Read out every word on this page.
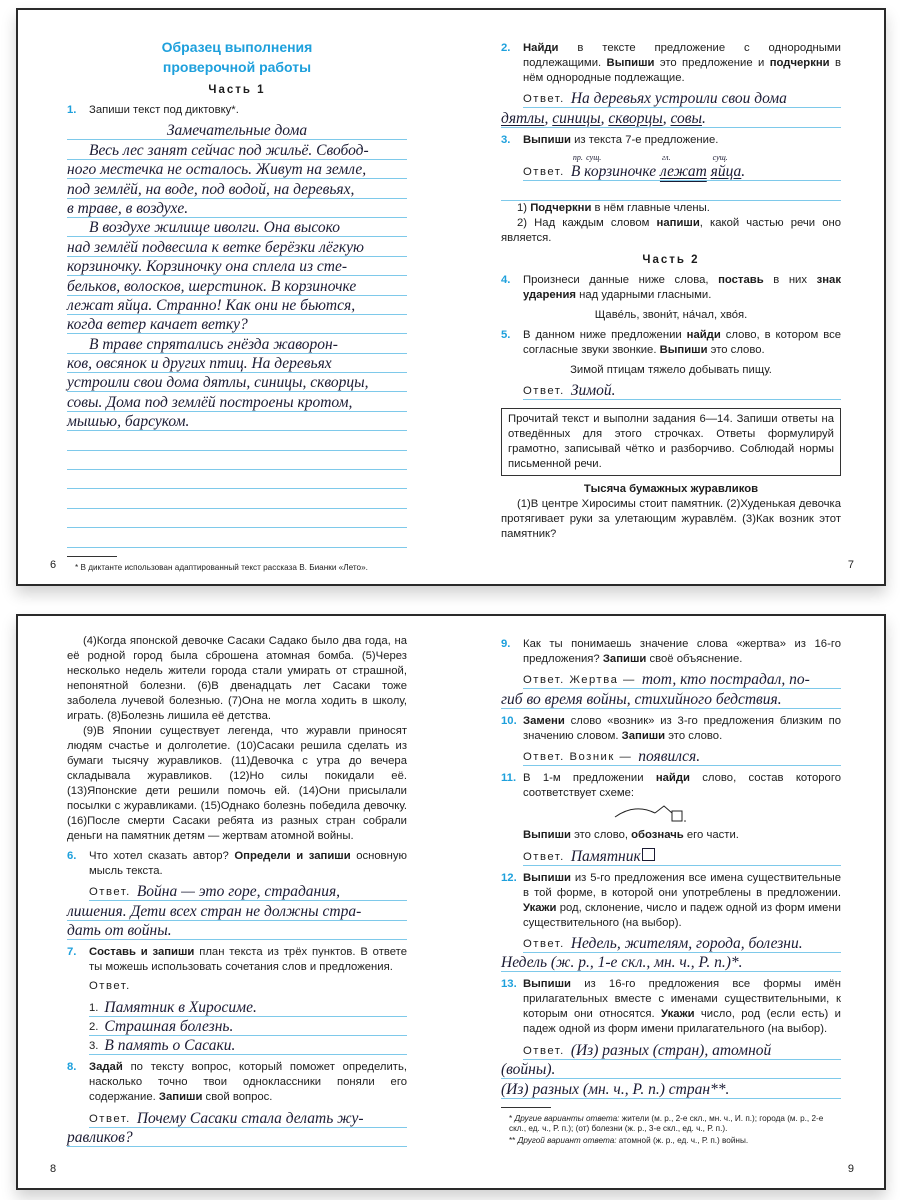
Образец выполнения
проверочной работы
Часть 1
1.	Запиши текст под диктовку*.
Замечательные дома
Весь лес занят сейчас под жильё. Свобод-
ного местечка не осталось. Живут на земле,
под землёй, на воде, под водой, на деревьях,
в траве, в воздухе.
В воздухе жилище иволги. Она высоко
над землёй подвесила к ветке берёзки лёгкую
корзиночку. Корзиночку она сплела из сте-
бельков, волосков, шерстинок. В корзиночке
лежат яйца. Странно! Как они не бьются,
когда ветер качает ветку?
В траве спрятались гнёзда жаворон-
ков, овсянок и других птиц. На деревьях
устроили свои дома дятлы, синицы, скворцы,
совы. Дома под землёй построены кротом,
мышью, барсуком.
* В диктанте использован адаптированный текст рассказа В. Бианки «Лето».
6
2.	Найди в тексте предложение с однородными подлежащими. Выпиши это предложение и подчеркни в нём однородные подлежащие.
Ответ. На деревьях устроили свои дома
дятлы, синицы, скворцы, совы.
3.	Выпиши из текста 7-е предложение.
Ответ.
пр.
В
сущ.
корзиночке
гл.
лежат
сущ.
яйца.
1) Подчеркни в нём главные члены.
2) Над каждым словом напиши, какой частью речи оно является.
Часть 2
4.	Произнеси данные ниже слова, поставь в них знак ударения над ударными гласными.
Щаве́ль, звони́т, на́чал, хво́я.
5.	В данном ниже предложении найди слово, в котором все согласные звуки звонкие. Выпиши это слово.
Зимой птицам тяжело добывать пищу.
Ответ. Зимой.
Прочитай текст и выполни задания 6—14. Запиши ответы на отведённых для этого строчках. Ответы формулируй грамотно, записывай чётко и разборчиво. Соблюдай нормы письменной речи.
Тысяча бумажных журавликов
(1)В центре Хиросимы стоит памятник. (2)Худенькая девочка протягивает руки за улетающим журавлём. (3)Как возник этот памятник?
7
(4)Когда японской девочке Сасаки Садако было два года, на её родной город была сброшена атомная бомба. (5)Через несколько недель жители города стали умирать от страшной, непонятной болезни. (6)В двенадцать лет Сасаки тоже заболела лучевой болезнью. (7)Она не могла ходить в школу, играть. (8)Болезнь лишила её детства.
(9)В Японии существует легенда, что журавли приносят людям счастье и долголетие. (10)Сасаки решила сделать из бумаги тысячу журавликов. (11)Девочка с утра до вечера складывала журавликов. (12)Но силы покидали её. (13)Японские дети решили помочь ей. (14)Они присылали посылки с журавликами. (15)Однако болезнь победила девочку. (16)После смерти Сасаки ребята из разных стран собрали деньги на памятник детям — жертвам атомной войны.
6.	Что хотел сказать автор? Определи и запиши основную мысль текста.
Ответ. Война — это горе, страдания,
лишения. Дети всех стран не должны стра-
дать от войны.
7.	Составь и запиши план текста из трёх пунктов. В ответе ты можешь использовать сочетания слов и предложения.
Ответ.
1. Памятник в Хиросиме.
2. Страшная болезнь.
3. В память о Сасаки.
8.	Задай по тексту вопрос, который поможет определить, насколько точно твои одноклассники поняли его содержание. Запиши свой вопрос.
Ответ. Почему Сасаки стала делать жу-
равликов?
8
9.	Как ты понимаешь значение слова «жертва» из 16-го предложения? Запиши своё объяснение.
Ответ. Жертва — тот, кто пострадал, по-
гиб во время войны, стихийного бедствия.
10. Замени слово «возник» из 3-го предложения близким по значению словом. Запиши это слово.
Ответ. Возник — появился.
11. В 1-м предложении найди слово, состав которого соответствует схеме:
Выпиши это слово, обозначь его части.
Ответ. Памятник
12. Выпиши из 5-го предложения все имена существительные в той форме, в которой они употреблены в предложении. Укажи род, склонение, число и падеж одной из форм имени существительного (на выбор).
Ответ. Недель, жителям, города, болезни.
Недель (ж. р., 1-е скл., мн. ч., Р. п.)*.
13. Выпиши из 16-го предложения все формы имён прилагательных вместе с именами существительными, к которым они относятся. Укажи число, род (если есть) и падеж одной из форм имени прилагательного (на выбор).
Ответ. (Из) разных (стран), атомной
(войны).
(Из) разных (мн. ч., Р. п.) стран**.
* Другие варианты ответа: жители (м. р., 2-е скл., мн. ч., И. п.); города (м. р., 2-е скл., ед. ч., Р. п.); (от) болезни (ж. р., 3-е скл., ед. ч., Р. п.).
** Другой вариант ответа: атомной (ж. р., ед. ч., Р. п.) войны.
9
